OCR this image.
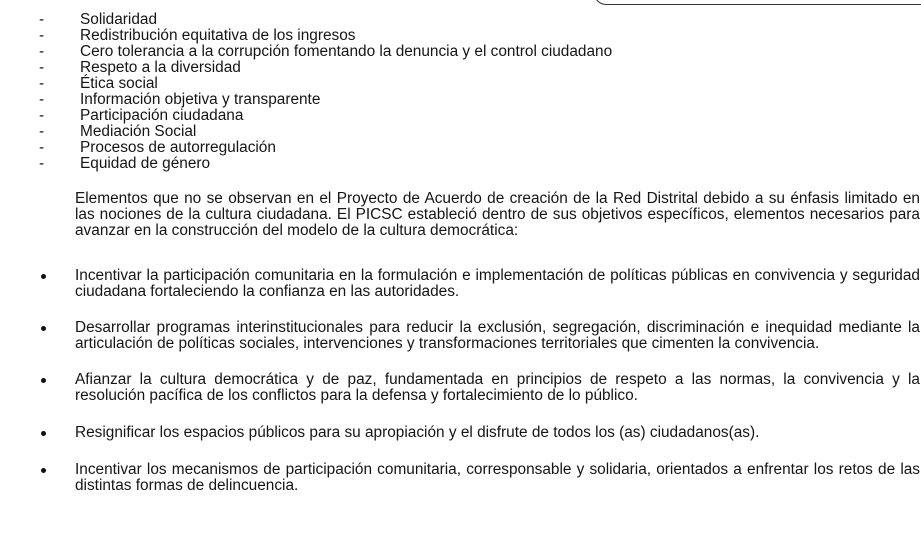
- Solidaridad
- Redistribución equitativa de los ingresos
- Cero tolerancia a la corrupción fomentando la denuncia y el control ciudadano
- Respeto a la diversidad
- Ética social
- Información objetiva y transparente
- Participación ciudadana
- Mediación Social
- Procesos de autorregulación
- Equidad de género

Elementos que no se observan en el Proyecto de Acuerdo de creación de la Red Distrital debido a su énfasis limitado en las nociones de la cultura ciudadana. El PICSC estableció dentro de sus objetivos específicos, elementos necesarios para avanzar en la construcción del modelo de la cultura democrática:

Incentivar la participación comunitaria en la formulación e implementación de políticas públicas en convivencia y seguridad ciudadana fortaleciendo la confianza en las autoridades.
Desarrollar programas interinstitucionales para reducir la exclusión, segregación, discriminación e inequidad mediante la articulación de políticas sociales, intervenciones y transformaciones territoriales que cimenten la convivencia.
Afianzar la cultura democrática y de paz, fundamentada en principios de respeto a las normas, la convivencia y la resolución pacífica de los conflictos para la defensa y fortalecimiento de lo público.
Resignificar los espacios públicos para su apropiación y el disfrute de todos los (as) ciudadanos(as).
Incentivar los mecanismos de participación comunitaria, corresponsable y solidaria, orientados a enfrentar los retos de las distintas formas de delincuencia.
